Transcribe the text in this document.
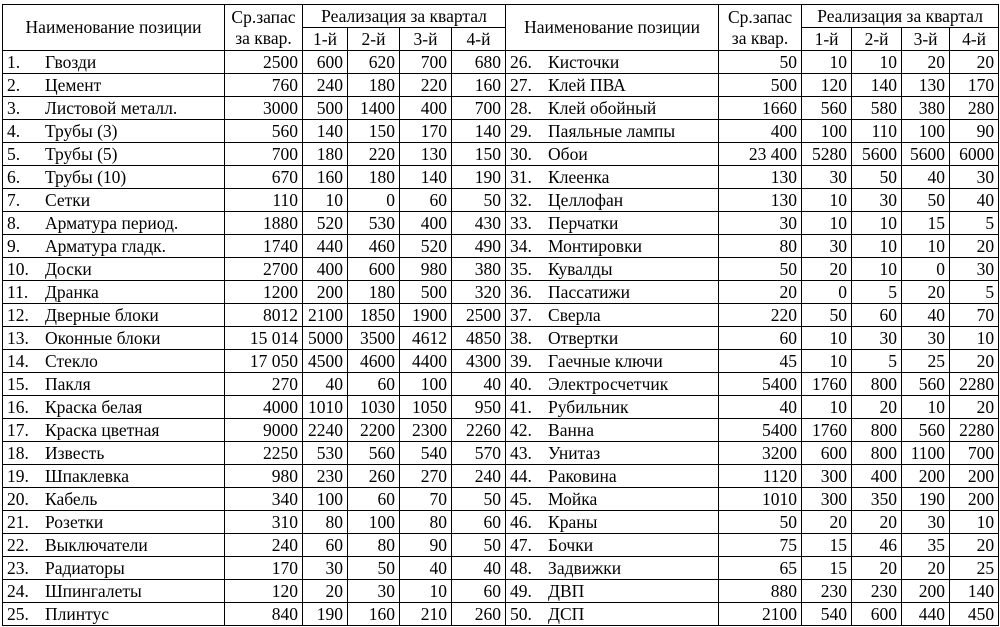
Наименование позиции	Ср.запас
за квар.	Реализация за квартал				Наименование позиции	Ср.запас
за квар.	Реализация за квартал			
		1-й	2-й	3-й	4-й			1-й	2-й	3-й	4-й
1. Гвозди	2500	600	620	700	680	26. Кисточки	50	10	10	20	20
2. Цемент	760	240	180	220	160	27. Клей ПВА	500	120	140	130	170
3. Листовой металл.	3000	500	1400	400	700	28. Клей обойный	1660	560	580	380	280
4. Трубы (3)	560	140	150	170	140	29. Паяльные лампы	400	100	110	100	90
5. Трубы (5)	700	180	220	130	150	30. Обои	23 400	5280	5600	5600	6000
6. Трубы (10)	670	160	180	140	190	31. Клеенка	130	30	50	40	30
7. Сетки	110	10	0	60	50	32. Целлофан	130	10	30	50	40
8. Арматура период.	1880	520	530	400	430	33. Перчатки	30	10	10	15	5
9. Арматура гладк.	1740	440	460	520	490	34. Монтировки	80	30	10	10	20
10. Доски	2700	400	600	980	380	35. Кувалды	50	20	10	0	30
11. Дранка	1200	200	180	500	320	36. Пассатижи	20	0	5	20	5
12. Дверные блоки	8012	2100	1850	1900	2500	37. Сверла	220	50	60	40	70
13. Оконные блоки	15 014	5000	3500	4612	4850	38. Отвертки	60	10	30	30	10
14. Стекло	17 050	4500	4600	4400	4300	39. Гаечные ключи	45	10	5	25	20
15. Пакля	270	40	60	100	40	40. Электросчетчик	5400	1760	800	560	2280
16. Краска белая	4000	1010	1030	1050	950	41. Рубильник	40	10	20	10	20
17. Краска цветная	9000	2240	2200	2300	2260	42. Ванна	5400	1760	800	560	2280
18. Известь	2250	530	560	540	570	43. Унитаз	3200	600	800	1100	700
19. Шпаклевка	980	230	260	270	240	44. Раковина	1120	300	400	200	200
20. Кабель	340	100	60	70	50	45. Мойка	1010	300	350	190	200
21. Розетки	310	80	100	80	60	46. Краны	50	20	20	30	10
22. Выключатели	240	60	80	90	50	47. Бочки	75	15	46	35	20
23. Радиаторы	170	30	50	40	40	48. Задвижки	65	15	20	20	25
24. Шпингалеты	120	20	30	10	60	49. ДВП	880	230	230	200	140
25. Плинтус	840	190	160	210	260	50. ДСП	2100	540	600	440	450
